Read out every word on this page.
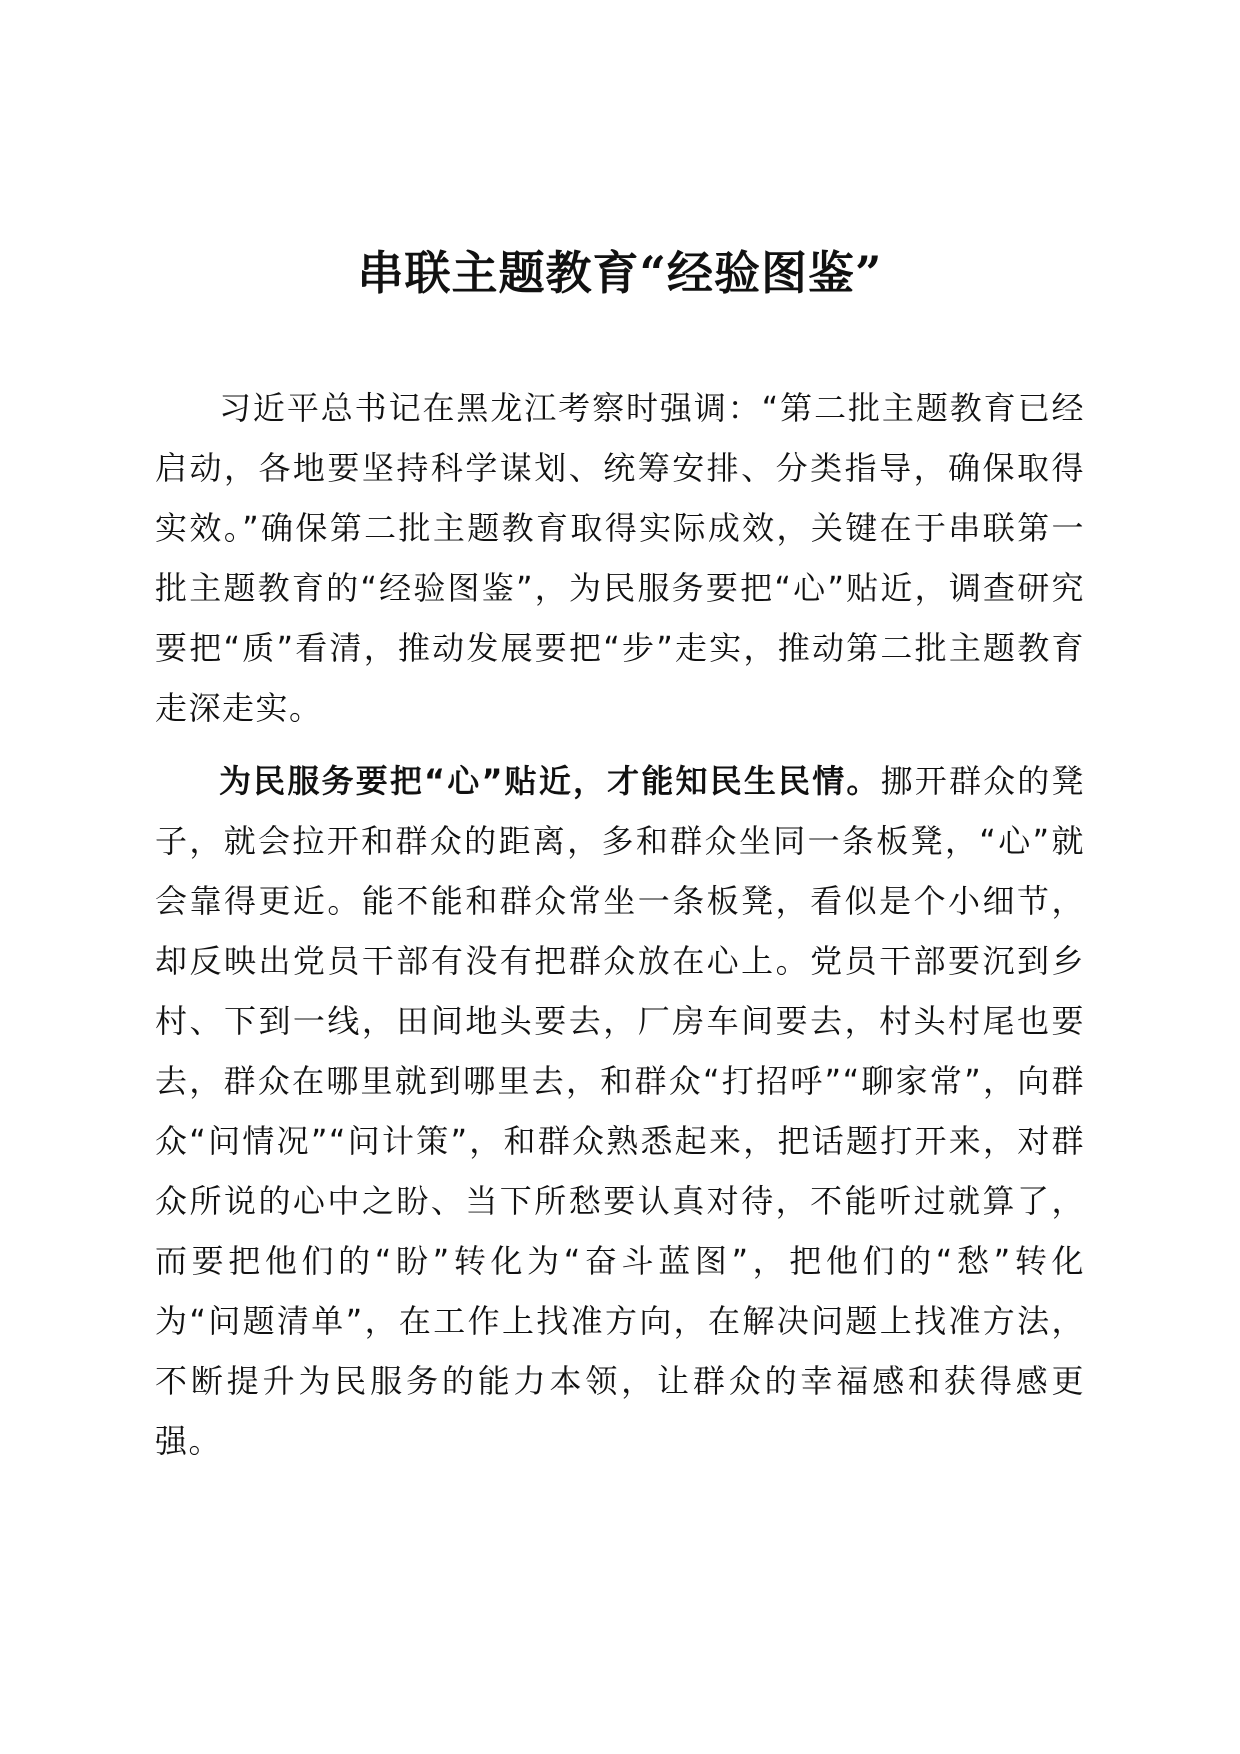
串联主题教育“经验图鉴”

习近平总书记在黑龙江考察时强调：“第二批主题教育已经启动，各地要坚持科学谋划、统筹安排、分类指导，确保取得实效。”确保第二批主题教育取得实际成效，关键在于串联第一批主题教育的“经验图鉴”，为民服务要把“心”贴近，调查研究要把“质”看清，推动发展要把“步”走实，推动第二批主题教育走深走实。

为民服务要把“心”贴近，才能知民生民情。挪开群众的凳子，就会拉开和群众的距离，多和群众坐同一条板凳，“心”就会靠得更近。能不能和群众常坐一条板凳，看似是个小细节，却反映出党员干部有没有把群众放在心上。党员干部要沉到乡村、下到一线，田间地头要去，厂房车间要去，村头村尾也要去，群众在哪里就到哪里去，和群众“打招呼”“聊家常”，向群众“问情况”“问计策”，和群众熟悉起来，把话题打开来，对群众所说的心中之盼、当下所愁要认真对待，不能听过就算了，而要把他们的“盼”转化为“奋斗蓝图”，把他们的“愁”转化为“问题清单”，在工作上找准方向，在解决问题上找准方法，不断提升为民服务的能力本领，让群众的幸福感和获得感更强。
